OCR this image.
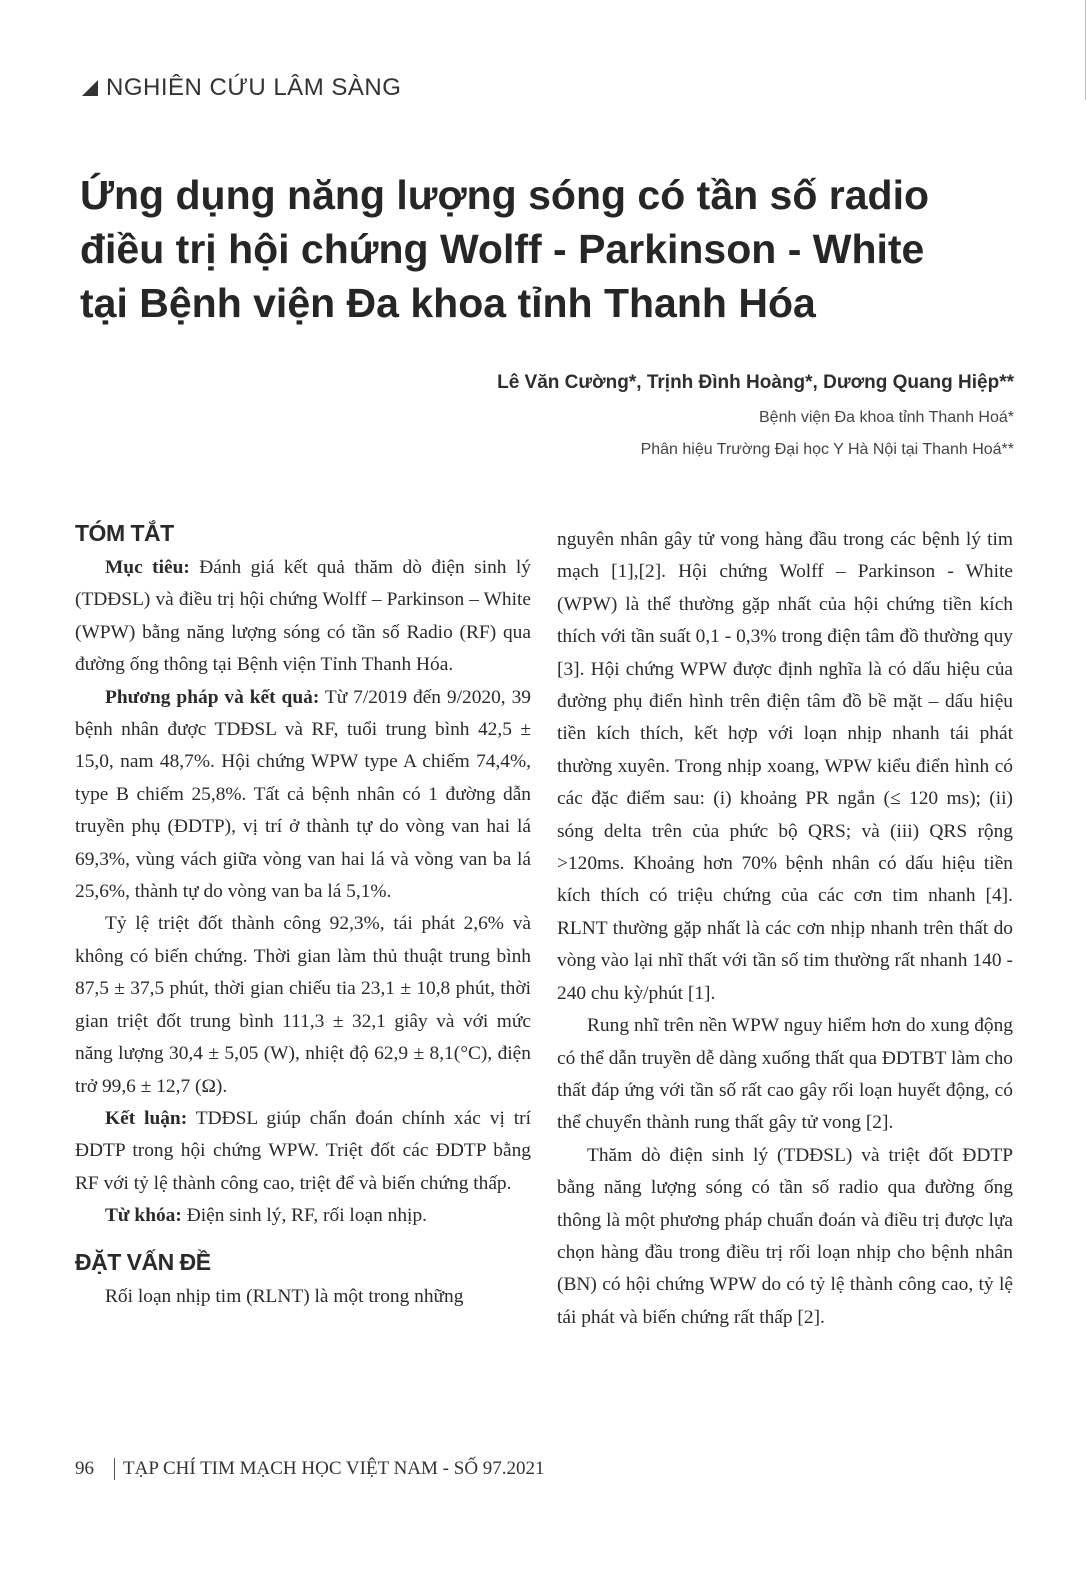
NGHIÊN CỨU LÂM SÀNG
Ứng dụng năng lượng sóng có tần số radio
điều trị hội chứng Wolff - Parkinson - White
tại Bệnh viện Đa khoa tỉnh Thanh Hóa
Lê Văn Cường*, Trịnh Đình Hoàng*, Dương Quang Hiệp**
Bệnh viện Đa khoa tỉnh Thanh Hoá*
Phân hiệu Trường Đại học Y Hà Nội tại Thanh Hoá**
TÓM TẮT

Mục tiêu: Đánh giá kết quả thăm dò điện sinh lý (TDĐSL) và điều trị hội chứng Wolff – Parkinson – White (WPW) bằng năng lượng sóng có tần số Radio (RF) qua đường ống thông tại Bệnh viện Tỉnh Thanh Hóa.

Phương pháp và kết quả: Từ 7/2019 đến 9/2020, 39 bệnh nhân được TDĐSL và RF, tuổi trung bình 42,5 ± 15,0, nam 48,7%. Hội chứng WPW type A chiếm 74,4%, type B chiếm 25,8%. Tất cả bệnh nhân có 1 đường dẫn truyền phụ (ĐDTP), vị trí ở thành tự do vòng van hai lá 69,3%, vùng vách giữa vòng van hai lá và vòng van ba lá 25,6%, thành tự do vòng van ba lá 5,1%.

Tỷ lệ triệt đốt thành công 92,3%, tái phát 2,6% và không có biến chứng. Thời gian làm thủ thuật trung bình 87,5 ± 37,5 phút, thời gian chiếu tia 23,1 ± 10,8 phút, thời gian triệt đốt trung bình 111,3 ± 32,1 giây và với mức năng lượng 30,4 ± 5,05 (W), nhiệt độ 62,9 ± 8,1(°C), điện trở 99,6 ± 12,7 (Ω).

Kết luận: TDĐSL giúp chẩn đoán chính xác vị trí ĐDTP trong hội chứng WPW. Triệt đốt các ĐDTP bằng RF với tỷ lệ thành công cao, triệt để và biến chứng thấp.

Từ khóa: Điện sinh lý, RF, rối loạn nhịp.

ĐẶT VẤN ĐỀ

Rối loạn nhịp tim (RLNT) là một trong những

nguyên nhân gây tử vong hàng đầu trong các bệnh lý tim mạch [1],[2]. Hội chứng Wolff – Parkinson - White (WPW) là thể thường gặp nhất của hội chứng tiền kích thích với tần suất 0,1 - 0,3% trong điện tâm đồ thường quy [3]. Hội chứng WPW được định nghĩa là có dấu hiệu của đường phụ điển hình trên điện tâm đồ bề mặt – dấu hiệu tiền kích thích, kết hợp với loạn nhịp nhanh tái phát thường xuyên. Trong nhịp xoang, WPW kiểu điển hình có các đặc điểm sau: (i) khoảng PR ngắn (≤ 120 ms); (ii) sóng delta trên của phức bộ QRS; và (iii) QRS rộng >120ms. Khoảng hơn 70% bệnh nhân có dấu hiệu tiền kích thích có triệu chứng của các cơn tim nhanh [4]. RLNT thường gặp nhất là các cơn nhịp nhanh trên thất do vòng vào lại nhĩ thất với tần số tim thường rất nhanh 140 - 240 chu kỳ/phút [1].

Rung nhĩ trên nền WPW nguy hiểm hơn do xung động có thể dẫn truyền dễ dàng xuống thất qua ĐDTBT làm cho thất đáp ứng với tần số rất cao gây rối loạn huyết động, có thể chuyển thành rung thất gây tử vong [2].

Thăm dò điện sinh lý (TDĐSL) và triệt đốt ĐDTP bằng năng lượng sóng có tần số radio qua đường ống thông là một phương pháp chuẩn đoán và điều trị được lựa chọn hàng đầu trong điều trị rối loạn nhịp cho bệnh nhân (BN) có hội chứng WPW do có tỷ lệ thành công cao, tỷ lệ tái phát và biến chứng rất thấp [2].

96 TẠP CHÍ TIM MẠCH HỌC VIỆT NAM - SỐ 97.2021
